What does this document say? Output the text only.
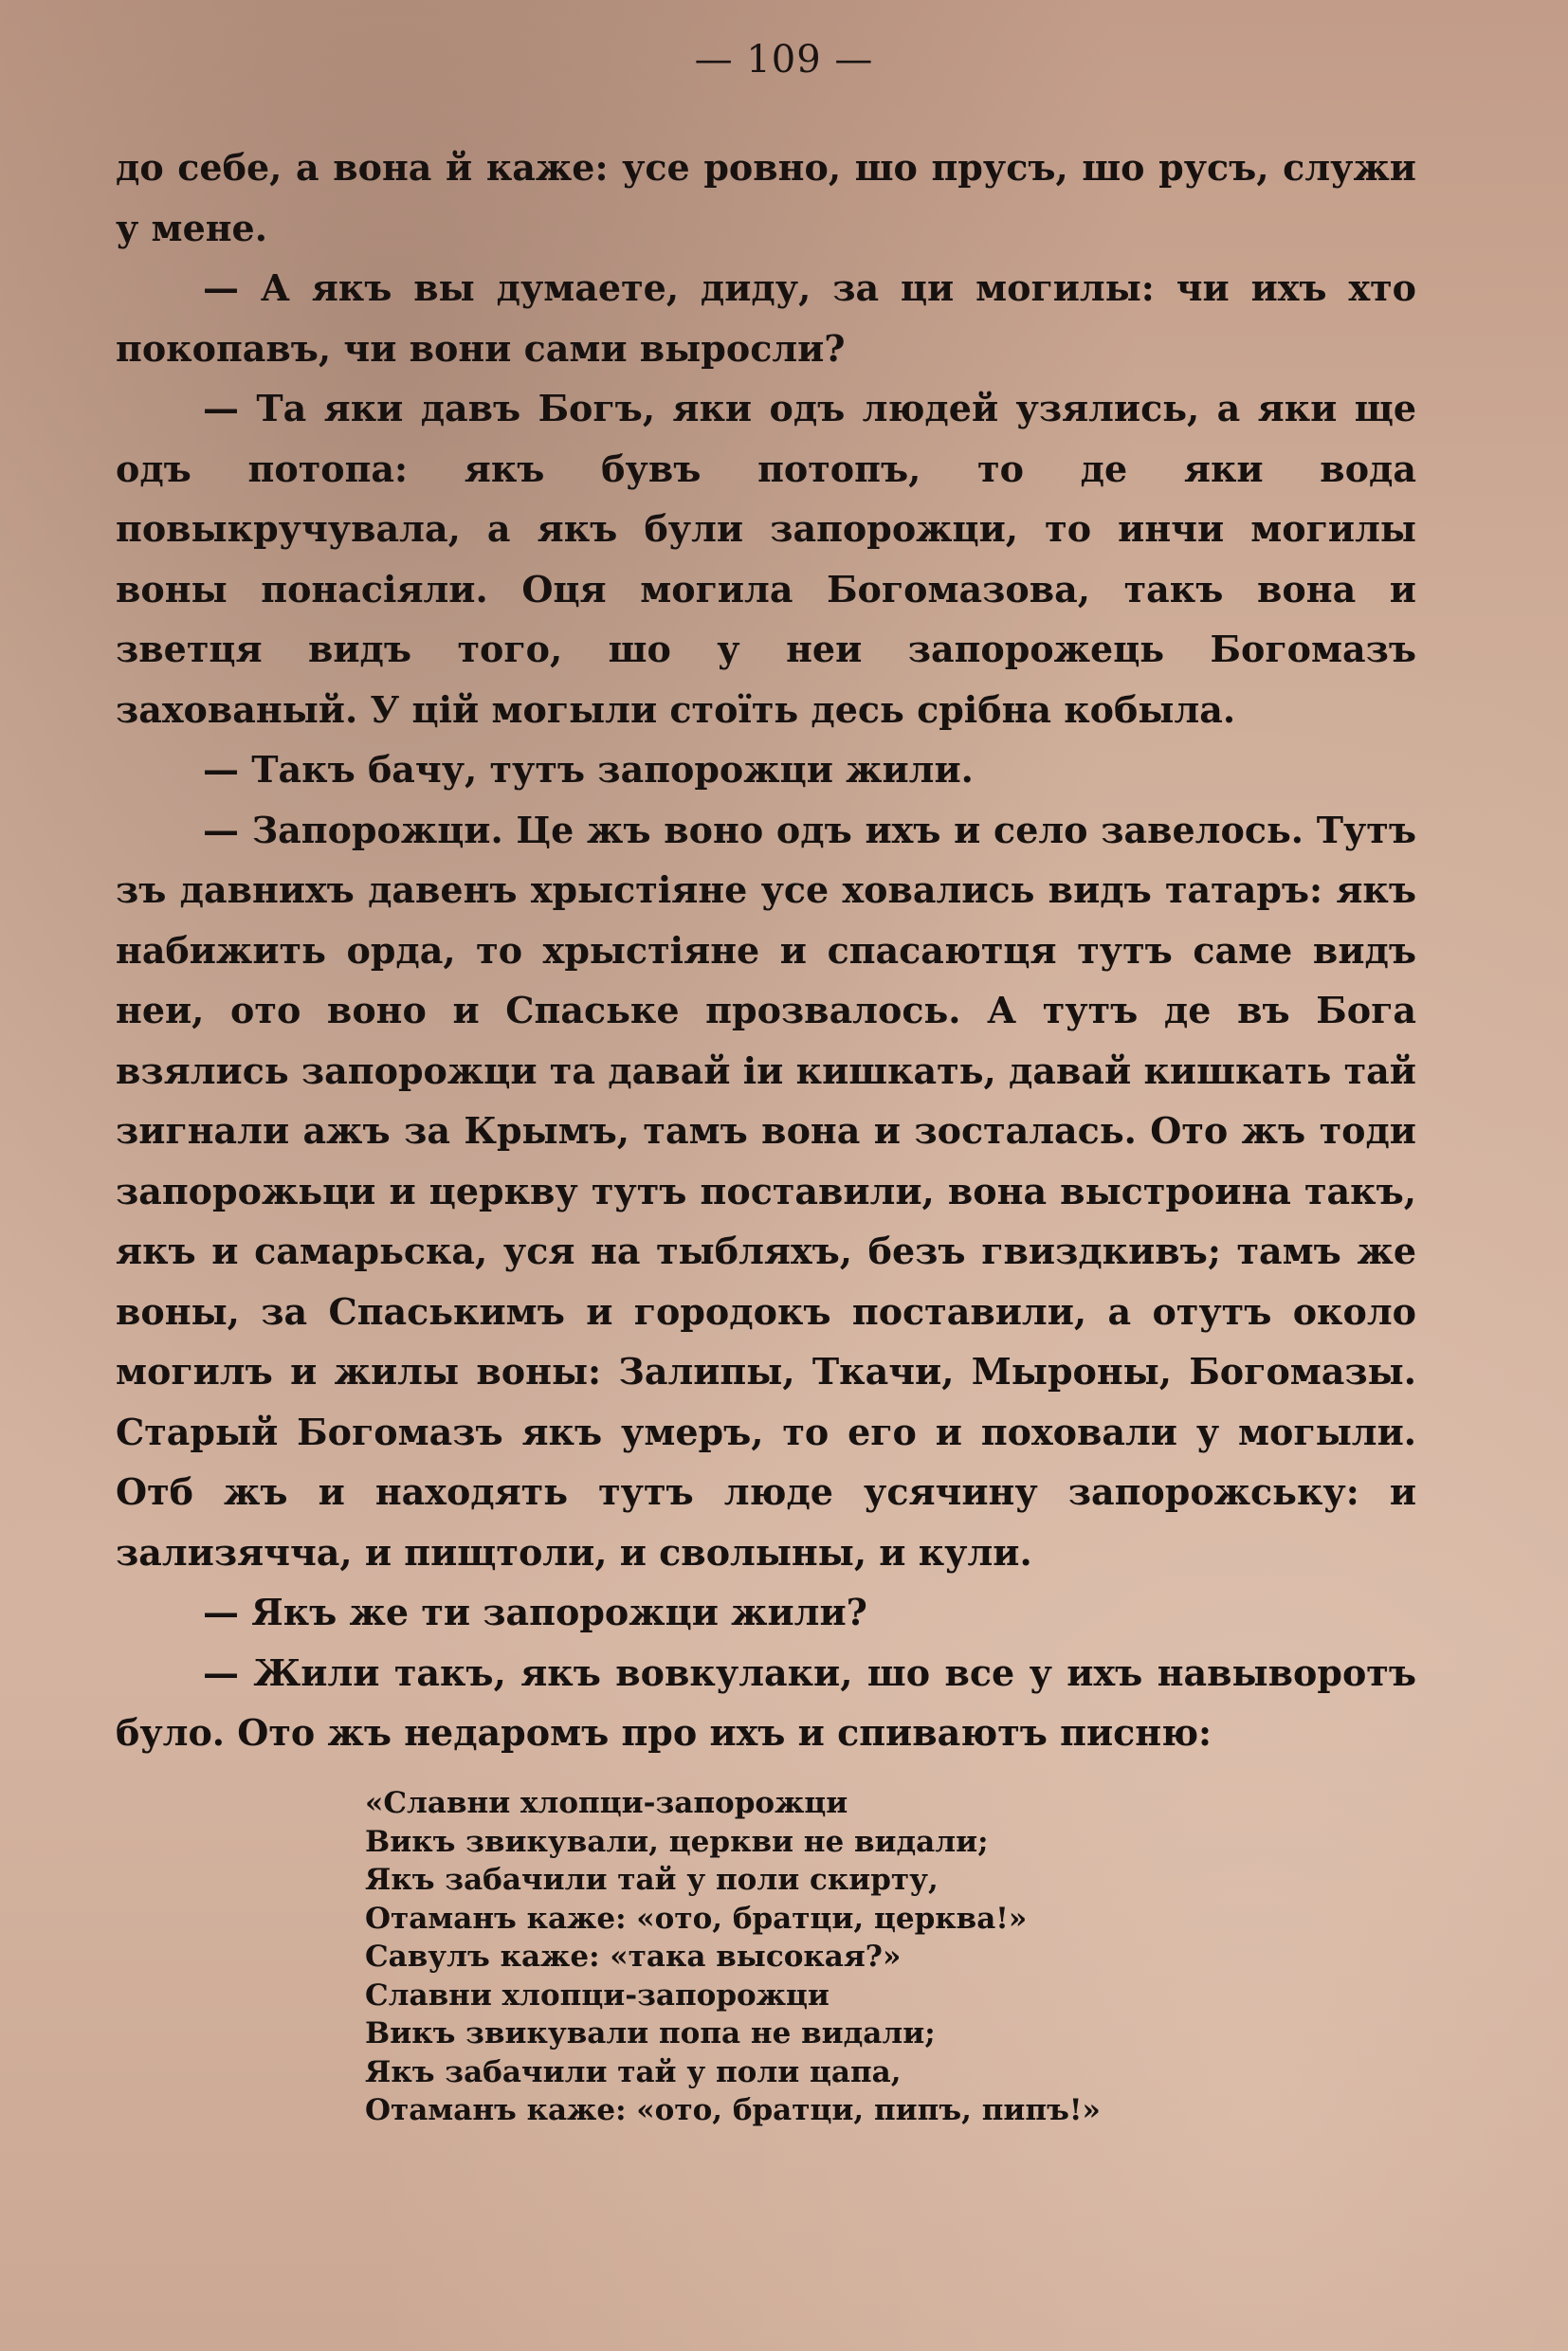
— 109 —

до себе, а вона й каже: усе ровно, шо прусъ, шо русъ, служи у мене.

— А якъ вы думаете, диду, за ци могилы: чи ихъ хто покопавъ, чи вони сами выросли?

— Та яки давъ Богъ, яки одъ людей узялись, а яки ще одъ потопа: якъ бувъ потопъ, то де яки вода повыкручувала, а якъ були запорожци, то инчи могилы воны понасіяли. Оця могила Богомазова, такъ вона и зветця видъ того, шо у неи запорожець Богомазъ захованый. У цій могыли стоїть десь срібна кобыла.

— Такъ бачу, тутъ запорожци жили.

— Запорожци. Це жъ воно одъ ихъ и село завелось. Тутъ зъ давнихъ давенъ хрыстіяне усе ховались видъ татаръ: якъ набижить орда, то хрыстіяне и спасаютця тутъ саме видъ неи, ото воно и Спаське прозвалось. А тутъ де въ Бога взялись запорожци та давай іи кишкать, давай кишкать тай зигнали ажъ за Крымъ, тамъ вона и зосталась. Ото жъ тоди запорожьци и церкву тутъ поставили, вона выстроина такъ, якъ и самарьска, уся на тыбляхъ, безъ гвиздкивъ; тамъ же воны, за Спаськимъ и городокъ поставили, а отутъ около могилъ и жилы воны: Залипы, Ткачи, Мыроны, Богомазы. Старый Богомазъ якъ умеръ, то его и поховали у могыли. Отб жъ и находять тутъ люде усячину запорожську: и зализячча, и пищтоли, и сволыны, и кули.

— Якъ же ти запорожци жили?

— Жили такъ, якъ вовкулаки, шо все у ихъ навыворотъ було. Ото жъ недаромъ про ихъ и спиваютъ писню:

«Славни хлопци-запорожци
Викъ звикували, церкви не видали;
Якъ забачили тай у поли скирту,
Отаманъ каже: «ото, братци, церква!»
Савулъ каже: «така высокая?»
Славни хлопци-запорожци
Викъ звикували попа не видали;
Якъ забачили тай у поли цапа,
Отаманъ каже: «ото, братци, пипъ, пипъ!»
